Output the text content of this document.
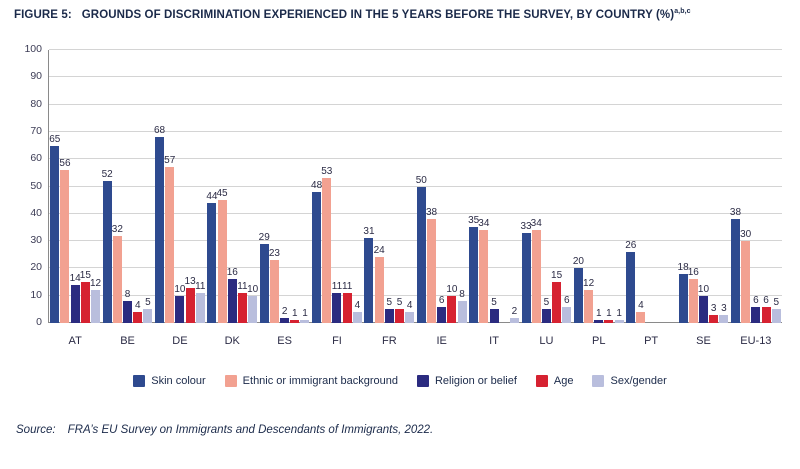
FIGURE 5: GROUNDS OF DISCRIMINATION EXPERIENCED IN THE 5 YEARS BEFORE THE SURVEY, BY COUNTRY (%)$^{a,b,c}$
0
10
20
30
40
50
60
70
80
90
100
65
56
14 15
12
AT
52
32
8
4 5
BE
68
57
10
13 11
DE
44 45
16
11 10
DK
29
23
2 1 1
ES
48
53
11 11
4
FI
31
24
5 5 4
FR
50
38
6
10 8
IE
35 34
5
2
IT
33 34
5
15
6
LU
20
12
1 1 1
PL
26
4
PT
18 16
10
3 3
SE
38
30
6 6 5
EU-13
Skin colour	Ethnic or immigrant background	Religion or belief	Age	Sex/gender
Source: FRA’s EU Survey on Immigrants and Descendants of Immigrants, 2022.
